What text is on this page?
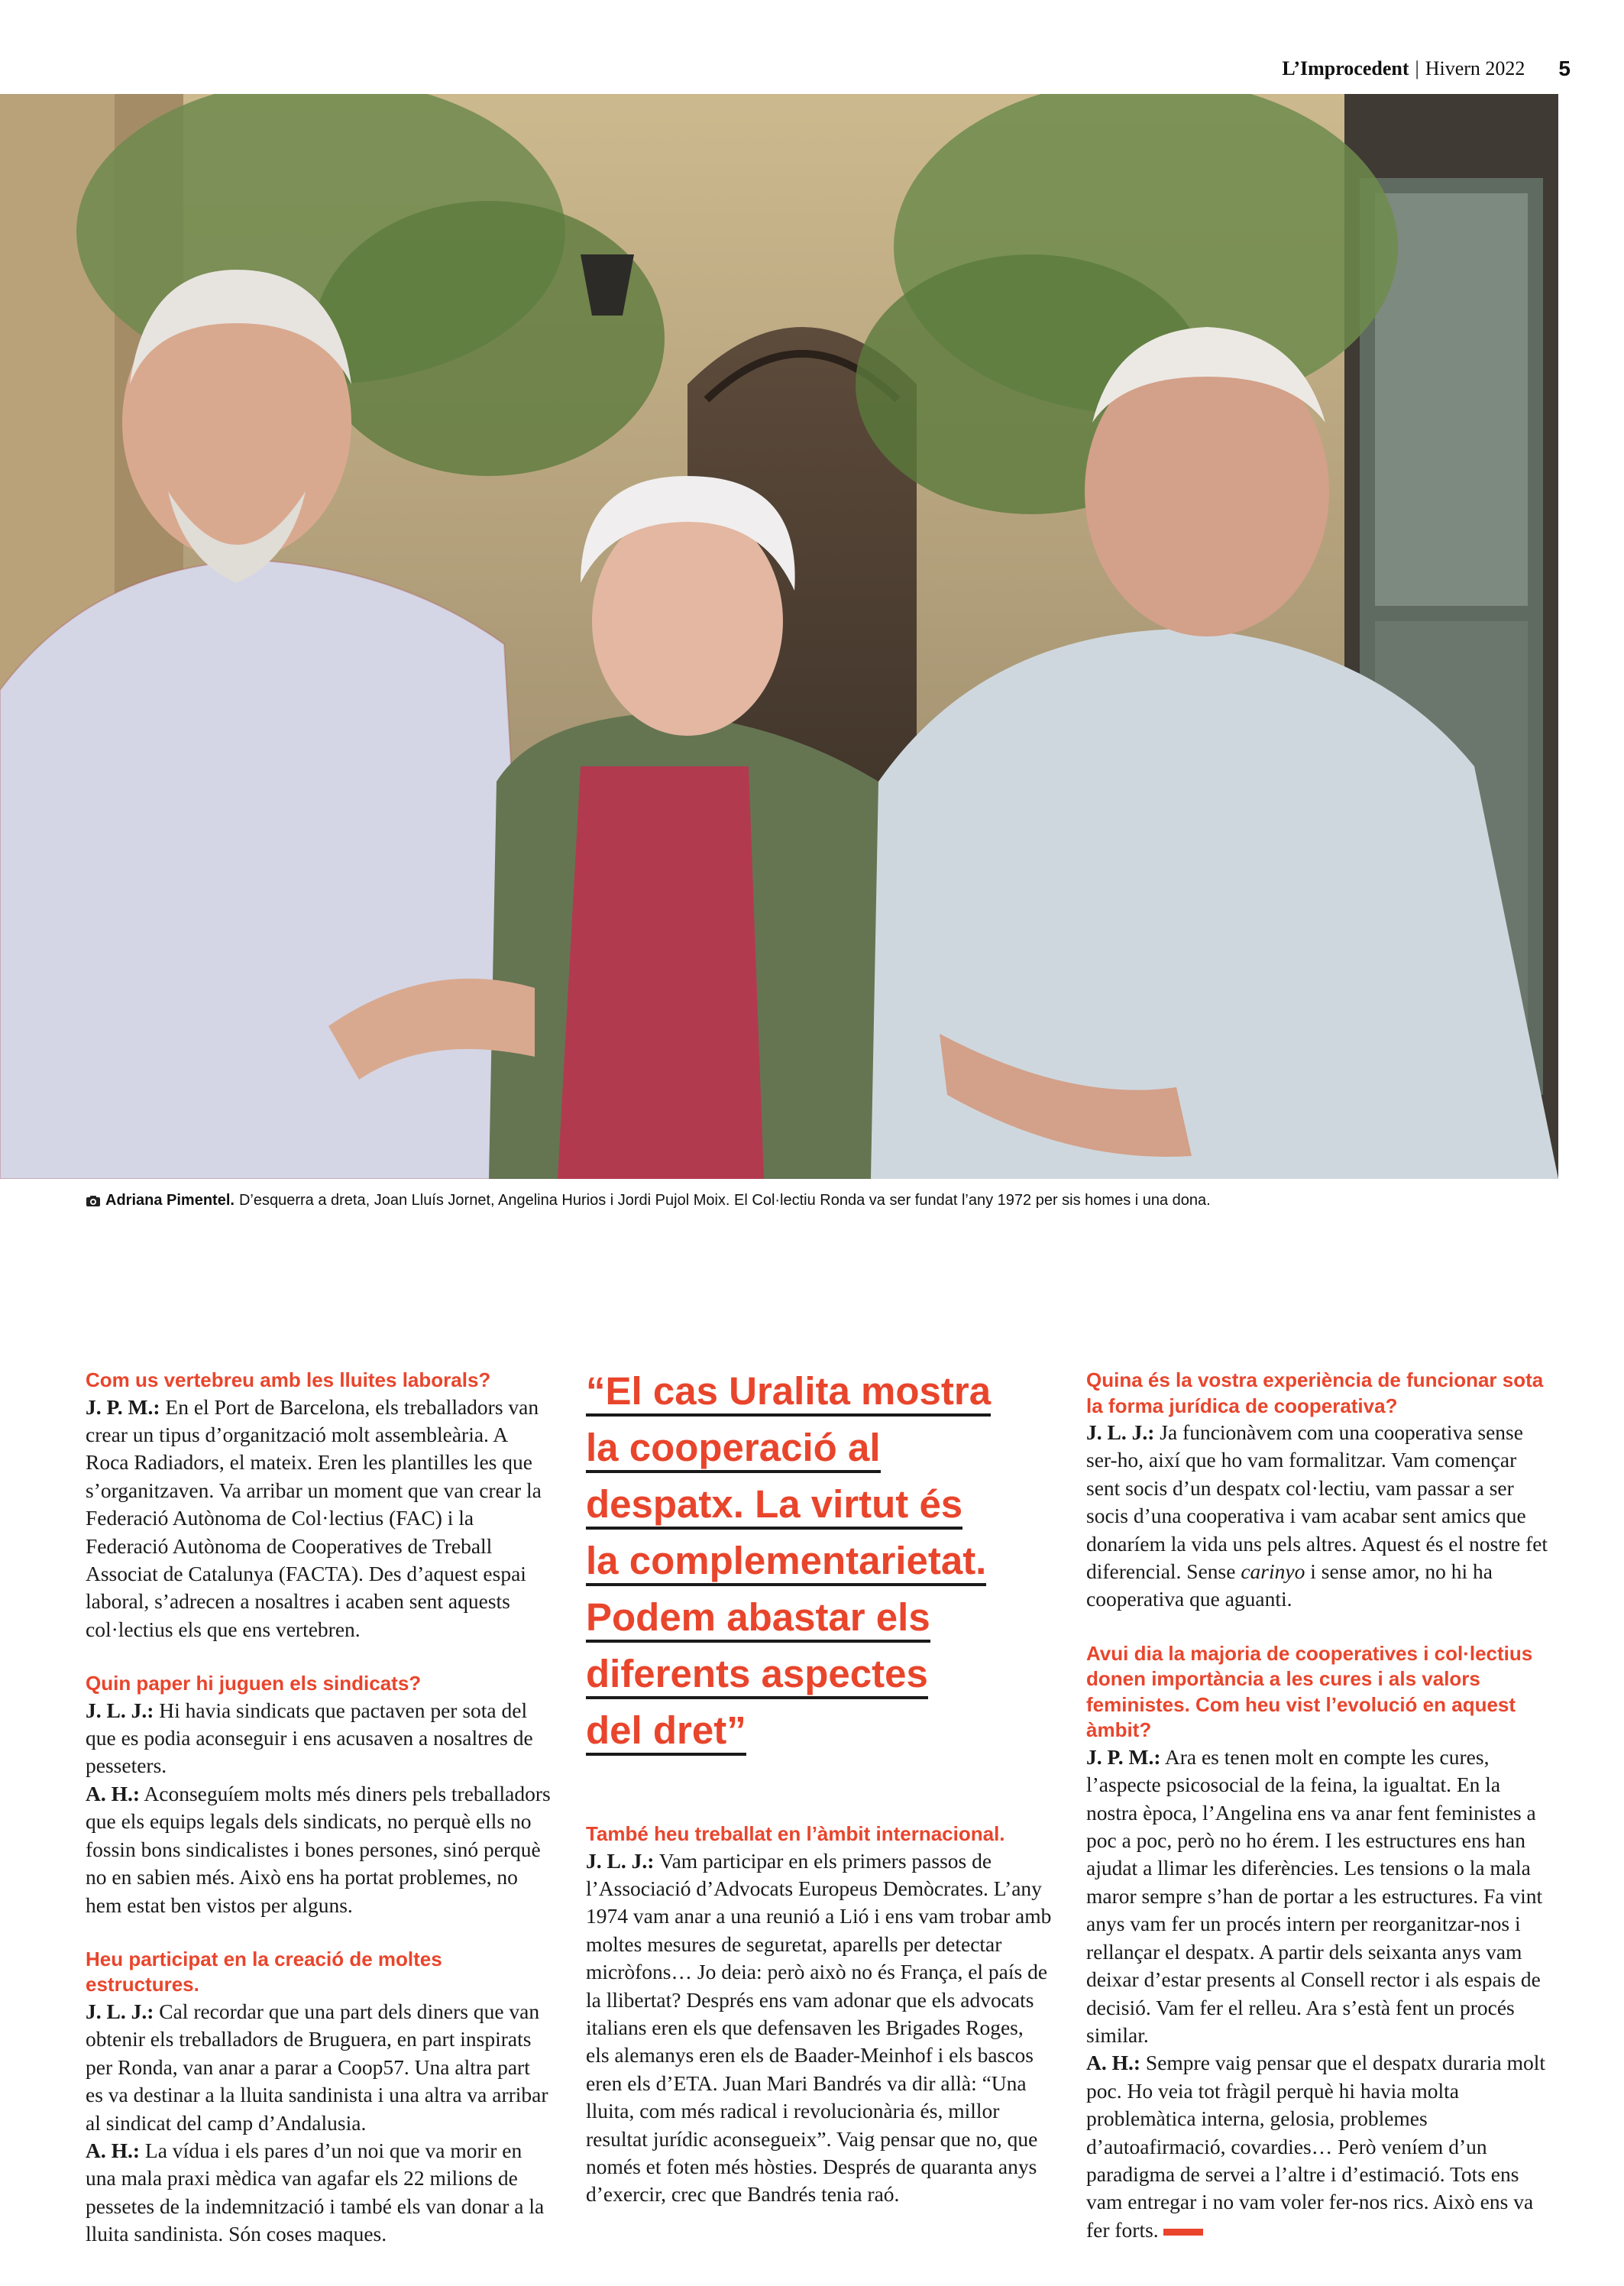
L’Improcedent | Hivern 2022 5
Adriana Pimentel. D’esquerra a dreta, Joan Lluís Jornet, Angelina Hurios i Jordi Pujol Moix. El Col·lectiu Ronda va ser fundat l’any 1972 per sis homes i una dona.

Com us vertebreu amb les lluites laborals?

J. P. M.: En el Port de Barcelona, els treballadors van crear un tipus d’organització molt assembleària. A Roca Radiadors, el mateix. Eren les plantilles les que s’organitzaven. Va arribar un moment que van crear la Federació Autònoma de Col·lectius (FAC) i la Federació Autònoma de Cooperatives de Treball Associat de Catalunya (FACTA). Des d’aquest espai laboral, s’adrecen a nosaltres i acaben sent aquests col·lectius els que ens vertebren.

Quin paper hi juguen els sindicats?

J. L. J.: Hi havia sindicats que pactaven per sota del que es podia aconseguir i ens acusaven a nosaltres de pesseters.

A. H.: Aconseguíem molts més diners pels treballadors que els equips legals dels sindicats, no perquè ells no fossin bons sindicalistes i bones persones, sinó perquè no en sabien més. Això ens ha portat problemes, no hem estat ben vistos per alguns.

Heu participat en la creació de moltes estructures.

J. L. J.: Cal recordar que una part dels diners que van obtenir els treballadors de Bruguera, en part inspirats per Ronda, van anar a parar a Coop57. Una altra part es va destinar a la lluita sandinista i una altra va arribar al sindicat del camp d’Andalusia.

A. H.: La vídua i els pares d’un noi que va morir en una mala praxi mèdica van agafar els 22 milions de pessetes de la indemnització i també els van donar a la lluita sandinista. Són coses maques.

“El cas Uralita mostra
la cooperació al
despatx. La virtut és
la complementarietat.
Podem abastar els
diferents aspectes
del dret”

També heu treballat en l’àmbit internacional.

J. L. J.: Vam participar en els primers passos de l’Associació d’Advocats Europeus Demòcrates. L’any 1974 vam anar a una reunió a Lió i ens vam trobar amb moltes mesures de seguretat, aparells per detectar micròfons… Jo deia: però això no és França, el país de la llibertat? Després ens vam adonar que els advocats italians eren els que defensaven les Brigades Roges, els alemanys eren els de Baader-Meinhof i els bascos eren els d’ETA. Juan Mari Bandrés va dir allà: “Una lluita, com més radical i revolucionària és, millor resultat jurídic aconsegueix”. Vaig pensar que no, que només et foten més hòsties. Després de quaranta anys d’exercir, crec que Bandrés tenia raó.

Quina és la vostra experiència de funcionar sota la forma jurídica de cooperativa?

J. L. J.: Ja funcionàvem com una cooperativa sense ser-ho, així que ho vam formalitzar. Vam començar sent socis d’un despatx col·lectiu, vam passar a ser socis d’una cooperativa i vam acabar sent amics que donaríem la vida uns pels altres. Aquest és el nostre fet diferencial. Sense carinyo i sense amor, no hi ha cooperativa que aguanti.

Avui dia la majoria de cooperatives i col·lectius donen importància a les cures i als valors feministes. Com heu vist l’evolució en aquest àmbit?

J. P. M.: Ara es tenen molt en compte les cures, l’aspecte psicosocial de la feina, la igualtat. En la nostra època, l’Angelina ens va anar fent feministes a poc a poc, però no ho érem. I les estructures ens han ajudat a llimar les diferències. Les tensions o la mala maror sempre s’han de portar a les estructures. Fa vint anys vam fer un procés intern per reorganitzar-nos i rellançar el despatx. A partir dels seixanta anys vam deixar d’estar presents al Consell rector i als espais de decisió. Vam fer el relleu. Ara s’està fent un procés similar.

A. H.: Sempre vaig pensar que el despatx duraria molt poc. Ho veia tot fràgil perquè hi havia molta problemàtica interna, gelosia, problemes d’autoafirmació, covardies… Però veníem d’un paradigma de servei a l’altre i d’estimació. Tots ens vam entregar i no vam voler fer-nos rics. Això ens va fer forts.
